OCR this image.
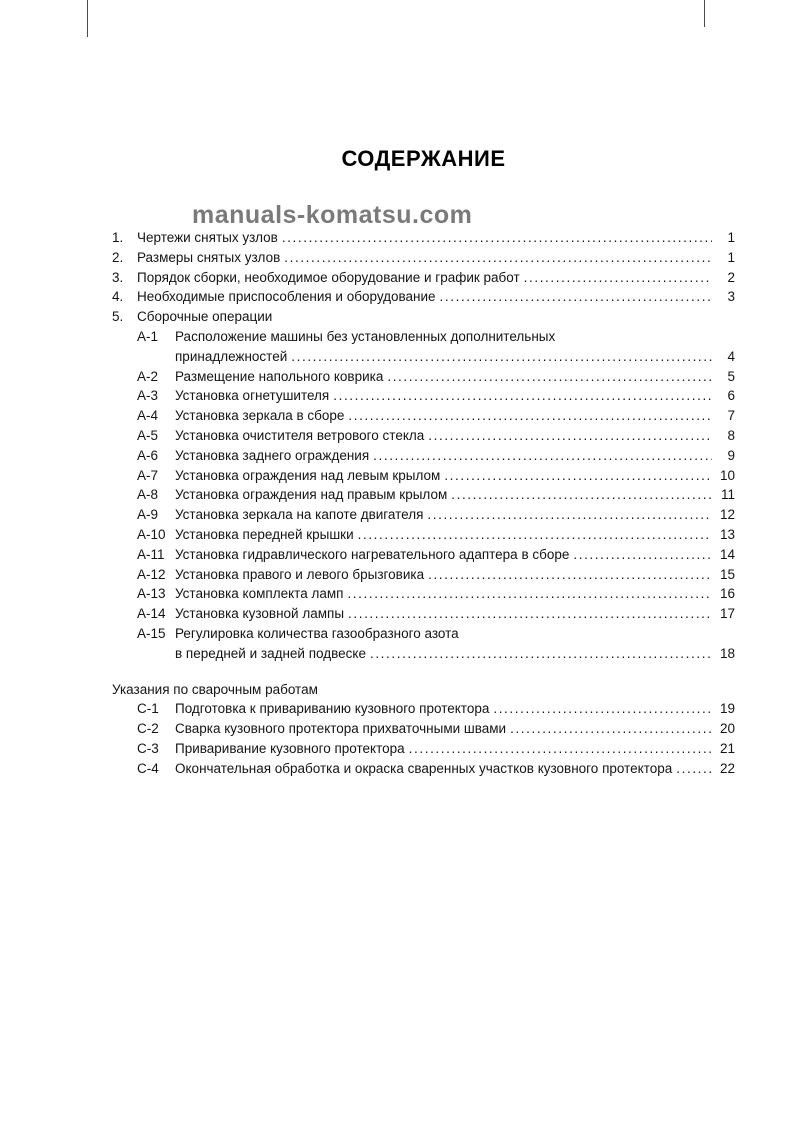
СОДЕРЖАНИЕ
manuals-komatsu.com
1.	Чертежи снятых узлов .....	1
2.	Размеры снятых узлов .....	1
3.	Порядок сборки, необходимое оборудование и график работ .....	2
4.	Необходимые приспособления и оборудование .....	3
5.	Сборочные операции
А-1	Расположение машины без установленных дополнительных
принадлежностей .....	4
А-2	Размещение напольного коврика .....	5
А-3	Установка огнетушителя .....	6
А-4	Установка зеркала в сборе .....	7
А-5	Установка очистителя ветрового стекла .....	8
А-6	Установка заднего ограждения .....	9
А-7	Установка ограждения над левым крылом .....	10
А-8	Установка ограждения над правым крылом .....	11
А-9	Установка зеркала на капоте двигателя .....	12
А-10 Установка передней крышки .....	13
А-11 Установка гидравлического нагревательного адаптера в сборе .....	14
А-12 Установка правого и левого брызговика .....	15
А-13 Установка комплекта ламп .....	16
А-14 Установка кузовной лампы .....	17
А-15 Регулировка количества газообразного азота
в передней и задней подвеске .....	18
Указания по сварочным работам
С-1	Подготовка к привариванию кузовного протектора .....	19
С-2	Сварка кузовного протектора прихваточными швами .....	20
С-3	Приваривание кузовного протектора .....	21
С-4	Окончательная обработка и окраска сваренных участков кузовного протектора .....	22
